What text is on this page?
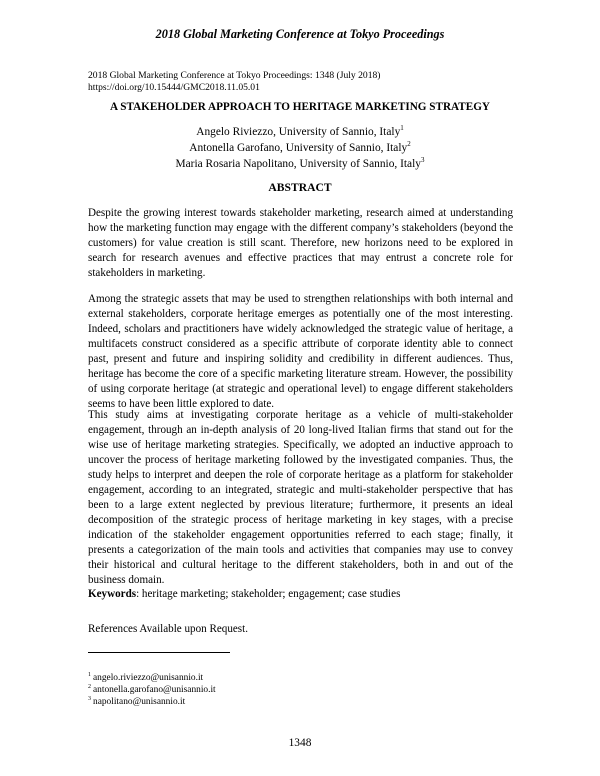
2018 Global Marketing Conference at Tokyo Proceedings
2018 Global Marketing Conference at Tokyo Proceedings: 1348 (July 2018)
https://doi.org/10.15444/GMC2018.11.05.01
A STAKEHOLDER APPROACH TO HERITAGE MARKETING STRATEGY
Angelo Riviezzo, University of Sannio, Italy$^1$
Antonella Garofano, University of Sannio, Italy$^2$
Maria Rosaria Napolitano, University of Sannio, Italy$^3$
ABSTRACT

Despite the growing interest towards stakeholder marketing, research aimed at understanding how the marketing function may engage with the different company’s stakeholders (beyond the customers) for value creation is still scant. Therefore, new horizons need to be explored in search for research avenues and effective practices that may entrust a concrete role for stakeholders in marketing.

Among the strategic assets that may be used to strengthen relationships with both internal and external stakeholders, corporate heritage emerges as potentially one of the most interesting. Indeed, scholars and practitioners have widely acknowledged the strategic value of heritage, a multifacets construct considered as a specific attribute of corporate identity able to connect past, present and future and inspiring solidity and credibility in different audiences. Thus, heritage has become the core of a specific marketing literature stream. However, the possibility of using corporate heritage (at strategic and operational level) to engage different stakeholders seems to have been little explored to date.

This study aims at investigating corporate heritage as a vehicle of multi-stakeholder engagement, through an in-depth analysis of 20 long-lived Italian firms that stand out for the wise use of heritage marketing strategies. Specifically, we adopted an inductive approach to uncover the process of heritage marketing followed by the investigated companies. Thus, the study helps to interpret and deepen the role of corporate heritage as a platform for stakeholder engagement, according to an integrated, strategic and multi-stakeholder perspective that has been to a large extent neglected by previous literature; furthermore, it presents an ideal decomposition of the strategic process of heritage marketing in key stages, with a precise indication of the stakeholder engagement opportunities referred to each stage; finally, it presents a categorization of the main tools and activities that companies may use to convey their historical and cultural heritage to the different stakeholders, both in and out of the business domain.

Keywords: heritage marketing; stakeholder; engagement; case studies
References Available upon Request.
$^1$ angelo.riviezzo@unisannio.it
$^2$ antonella.garofano@unisannio.it
$^3$ napolitano@unisannio.it
1348
